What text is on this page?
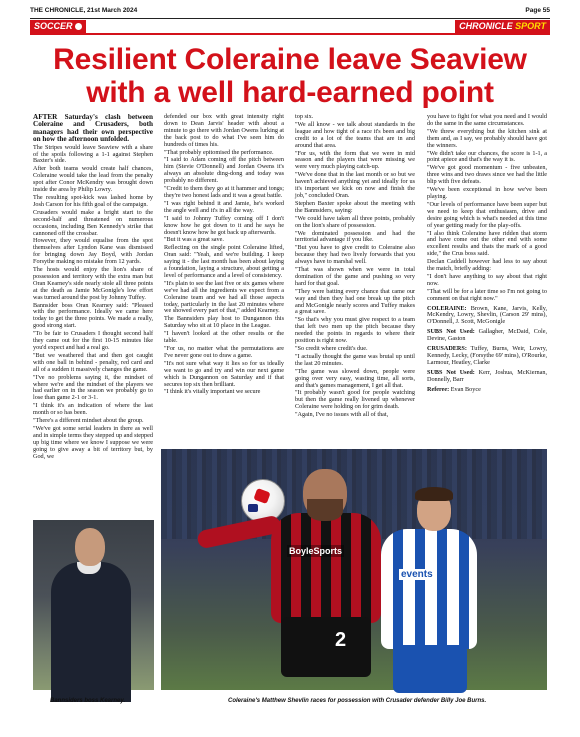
THE CHRONICLE, 21st March 2024	Page 55
SOCCER	CHRONICLE SPORT
Resilient Coleraine leave Seaview
with a well hard-earned point

AFTER Saturday's clash between Coleraine and Crusaders, both managers had their own perspective on how the afternoon unfolded.

The Stripes would leave Seaview with a share of the spoils following a 1-1 against Stephen Baxter's side.

After both teams would create half chances, Coleraine would take the lead from the penalty spot after Conor McKendry was brought down inside the area by Philip Lowry.

The resulting spot-kick was lashed home by Josh Carson for his fifth goal of the campaign.

Crusaders would make a bright start to the second-half and threatened on numerous occasions, including Ben Kennedy's strike that cannoned off the crossbar.

However, they would equalise from the spot themselves after Lyndon Kane was dismissed for bringing down Jay Boyd, with Jordan Forsythe making no mistake from 12 yards.

The hosts would enjoy the lion's share of possession and territory with the extra man but Oran Kearney's side nearly stole all three points at the death as Jamie McGonigle's low effort was turned around the post by Johnny Tuffey.

Bannsider boss Oran Kearney said: "Pleased with the performance. Ideally we came here today to get the three points. We made a really, good strong start.

"To be fair to Crusaders I thought second half they came out for the first 10-15 minutes like you'd expect and had a real go.

"But we weathered that and then got caught with one ball in behind - penalty, red card and all of a sudden it massively changes the game.

"I've no problems saying it, the mindset of where we're and the mindset of the players we had earlier on in the season we probably go to lose than game 2-1 or 3-1.

"I think it's an indication of where the last month or so has been.

"There's a different mindset about the group.

"We've got some serial leaders in there as well and in simple terms they stepped up and stepped up big time where we know I suppose we were going to give away a bit of territory but, by God, we

defended our box with great intensity right down to Dean Jarvis' header with about a minute to go there with Jordan Owens lurking at the back post to do what I've seen him do hundreds of times his.

"That probably epitomised the performance.

"I said to Adam coming off the pitch between him (Stevie O'Donnell) and Jordan Owens it's always an absolute ding-dong and today was probably no different.

"Credit to them they go at it hammer and tongs; they're two honest lads and it was a great battle.

"I was right behind it and Jamie, he's worked the angle well and it's in all the way.

"I said to Johnny Tuffey coming off I don't know how he got down to it and he says he doesn't know how he got back up afterwards.

"But it was a great save.

Reflecting on the single point Coleraine lifted, Oran said: "Yeah, and we're building. I keep saying it - the last month has been about laying a foundation, laying a structure, about getting a level of performance and a level of consistency.

"It's plain to see the last five or six games where we've had all the ingredients we expect from a Coleraine team and we had all those aspects today, particularly in the last 20 minutes where we showed every part of that," added Kearney.

The Bannsiders play host to Dungannon this Saturday who sit at 10 place in the League.

"I haven't looked at the other results or the table.

"For us, no matter what the permutations are I've never gone out to draw a game.

"It's not sure what way it lies so for us ideally we want to go and try and win our next game which is Dungannon on Saturday and if that secures top six then brilliant.

"I think it's vitally important we secure

top six.

"We all know - we talk about standards in the league and how tight of a race it's been and big credit to a lot of the teams that are in and around that area.

"For us, with the form that we were in mid season and the players that were missing we were very much playing catch-up.

"We've done that in the last month or so but we haven't achieved anything yet and ideally for us it's important we kick on now and finish the job," concluded Oran.

Stephen Baxter spoke about the meeting with the Bannsiders, saying:

"We could have taken all three points, probably on the lion's share of possession.

"We dominated possession and had the territorial advantage if you like.

"But you have to give credit to Coleraine also because they had two lively forwards that you always have to marshal well.

"That was shown when we were in total domination of the game and pushing so very hard for that goal.

"They were batting every chance that came our way and then they had one break up the pitch and McGonigle nearly scores and Tuffey makes a great save.

"So that's why you must give respect to a team that left two men up the pitch because they needed the points in regards to where their position is right now.

"So credit where credit's due.

"I actually thought the game was brutal up until the last 20 minutes.

"The game was slowed down, people were going over very easy, wasting time, all sorts, and that's games management, I get all that.

"It probably wasn't good for people watching but then the game really livened up whenever Coleraine were holding on for grim death.

"Again, I've no issues with all of that,

you have to fight for what you need and I would do the same in the same circumstances.

"We threw everything but the kitchen sink at them and, as I say, we probably should have got the winners.

"We didn't take our chances, the score is 1-1, a point apiece and that's the way it is.

"We've got good momentum - five unbeaten, three wins and two draws since we had the little blip with five defeats.

"We've been exceptional in how we've been playing.

"Our levels of performance have been super but we need to keep that enthusiasm, drive and desire going which is what's needed at this time of year getting ready for the play-offs.

"I also think Coleraine have ridden that storm and have come out the other end with some excellent results and thats the mark of a good side," the Crus boss said.

Declan Caddell however had less to say about the match, briefly adding:

"I don't have anything to say about that right now.

"That will be for a later time so I'm not going to comment on that right now."

COLERAINE: Brown, Kane, Jarvis, Kelly, McKendry, Lowry, Shevlin, (Carson 29' mins), O'Donnell, J. Scott, McGonigle

SUBS Not Used: Gallagher, McDaid, Cole, Devine, Gaston

CRUSADERS: Tuffey, Burns, Weir, Lowry, Kennedy, Lecky, (Forsythe 69' mins), O'Rourke, Larmour, Heatley, Clarke

SUBS Not Used: Kerr, Joshua, McKiernan, Donnelly, Barr

Referee: Evan Boyce

2
BoyleSports
events
Bannsiders boss Kearney.	Coleraine's Matthew Shevlin races for possession with Crusader defender Billy Joe Burns.
